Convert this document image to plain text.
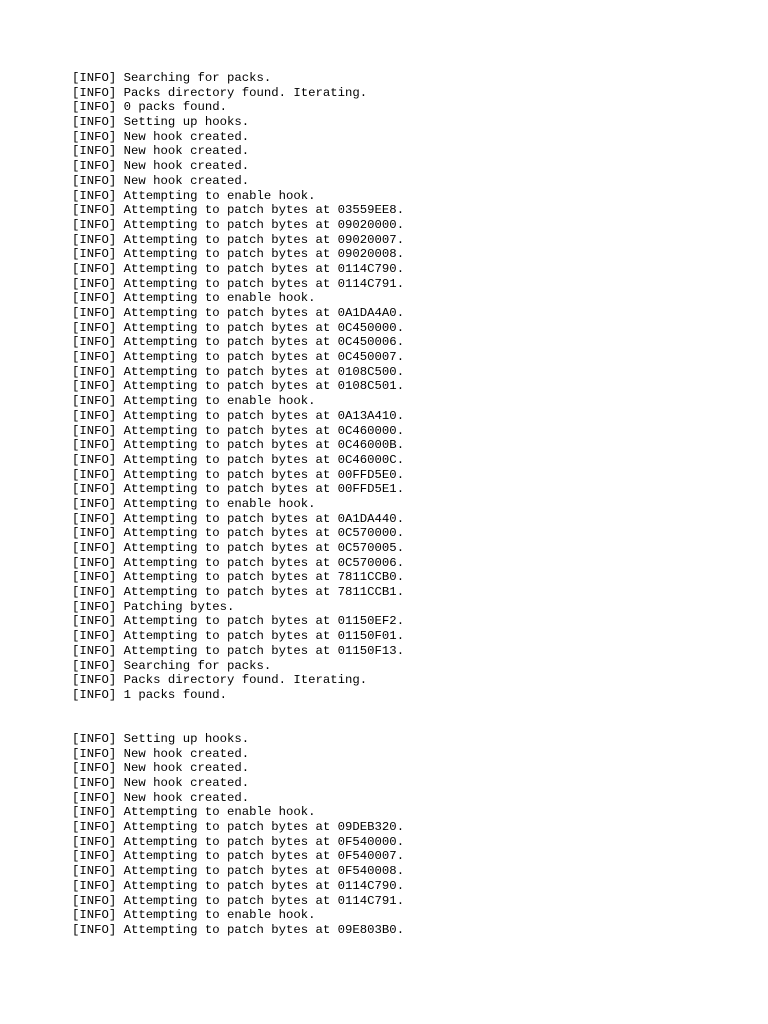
[INFO] Searching for packs.
[INFO] Packs directory found. Iterating.
[INFO] 0 packs found.
[INFO] Setting up hooks.
[INFO] New hook created.
[INFO] New hook created.
[INFO] New hook created.
[INFO] New hook created.
[INFO] Attempting to enable hook.
[INFO] Attempting to patch bytes at 03559EE8.
[INFO] Attempting to patch bytes at 09020000.
[INFO] Attempting to patch bytes at 09020007.
[INFO] Attempting to patch bytes at 09020008.
[INFO] Attempting to patch bytes at 0114C790.
[INFO] Attempting to patch bytes at 0114C791.
[INFO] Attempting to enable hook.
[INFO] Attempting to patch bytes at 0A1DA4A0.
[INFO] Attempting to patch bytes at 0C450000.
[INFO] Attempting to patch bytes at 0C450006.
[INFO] Attempting to patch bytes at 0C450007.
[INFO] Attempting to patch bytes at 0108C500.
[INFO] Attempting to patch bytes at 0108C501.
[INFO] Attempting to enable hook.
[INFO] Attempting to patch bytes at 0A13A410.
[INFO] Attempting to patch bytes at 0C460000.
[INFO] Attempting to patch bytes at 0C46000B.
[INFO] Attempting to patch bytes at 0C46000C.
[INFO] Attempting to patch bytes at 00FFD5E0.
[INFO] Attempting to patch bytes at 00FFD5E1.
[INFO] Attempting to enable hook.
[INFO] Attempting to patch bytes at 0A1DA440.
[INFO] Attempting to patch bytes at 0C570000.
[INFO] Attempting to patch bytes at 0C570005.
[INFO] Attempting to patch bytes at 0C570006.
[INFO] Attempting to patch bytes at 7811CCB0.
[INFO] Attempting to patch bytes at 7811CCB1.
[INFO] Patching bytes.
[INFO] Attempting to patch bytes at 01150EF2.
[INFO] Attempting to patch bytes at 01150F01.
[INFO] Attempting to patch bytes at 01150F13.
[INFO] Searching for packs.
[INFO] Packs directory found. Iterating.
[INFO] 1 packs found.
[INFO] Setting up hooks.
[INFO] New hook created.
[INFO] New hook created.
[INFO] New hook created.
[INFO] New hook created.
[INFO] Attempting to enable hook.
[INFO] Attempting to patch bytes at 09DEB320.
[INFO] Attempting to patch bytes at 0F540000.
[INFO] Attempting to patch bytes at 0F540007.
[INFO] Attempting to patch bytes at 0F540008.
[INFO] Attempting to patch bytes at 0114C790.
[INFO] Attempting to patch bytes at 0114C791.
[INFO] Attempting to enable hook.
[INFO] Attempting to patch bytes at 09E803B0.
